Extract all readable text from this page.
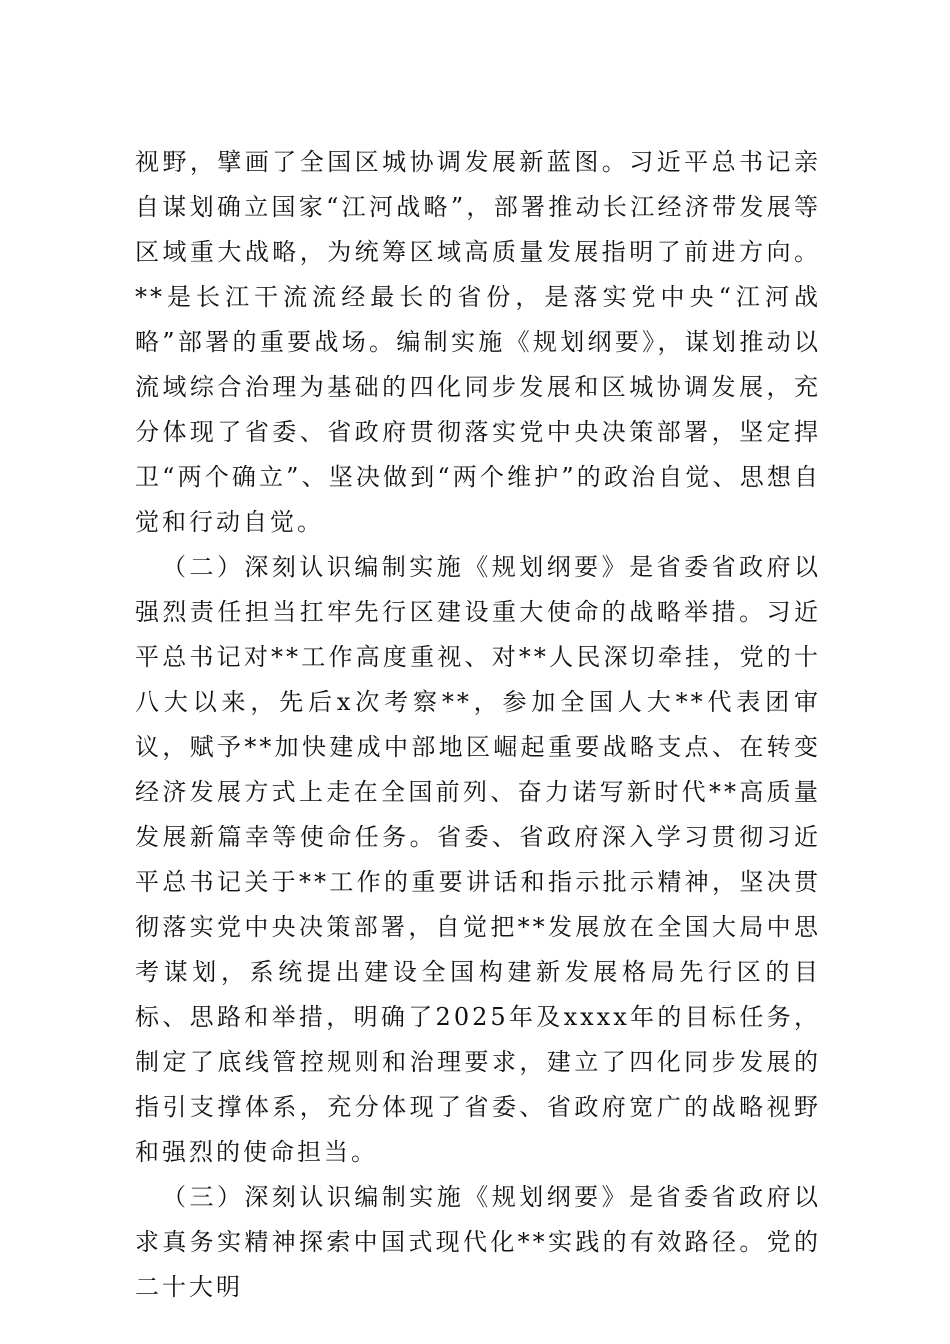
视野，擘画了全国区城协调发展新蓝图。习近平总书记亲自谋划确立国家“江河战略”，部署推动长江经济带发展等区域重大战略，为统筹区域高质量发展指明了前进方向。**是长江干流流经最长的省份，是落实党中央“江河战略”部署的重要战场。编制实施《规划纲要》，谋划推动以流域综合治理为基础的四化同步发展和区城协调发展，充分体现了省委、省政府贯彻落实党中央决策部署，坚定捍卫“两个确立”、坚决做到“两个维护”的政治自觉、思想自觉和行动自觉。

（二）深刻认识编制实施《规划纲要》是省委省政府以强烈责任担当扛牢先行区建设重大使命的战略举措。习近平总书记对**工作高度重视、对**人民深切牵挂，党的十八大以来，先后x次考察**，参加全国人大**代表团审议，赋予**加快建成中部地区崛起重要战略支点、在转变经济发展方式上走在全国前列、奋力诺写新时代**高质量发展新篇幸等使命任务。省委、省政府深入学习贯彻习近平总书记关于**工作的重要讲话和指示批示精神，坚决贯彻落实党中央决策部署，自觉把**发展放在全国大局中思考谋划，系统提出建设全国构建新发展格局先行区的目标、思路和举措，明确了2025年及xxxx年的目标任务，制定了底线管控规则和治理要求，建立了四化同步发展的指引支撑体系，充分体现了省委、省政府宽广的战略视野和强烈的使命担当。

（三）深刻认识编制实施《规划纲要》是省委省政府以求真务实精神探索中国式现代化**实践的有效路径。党的二十大明
